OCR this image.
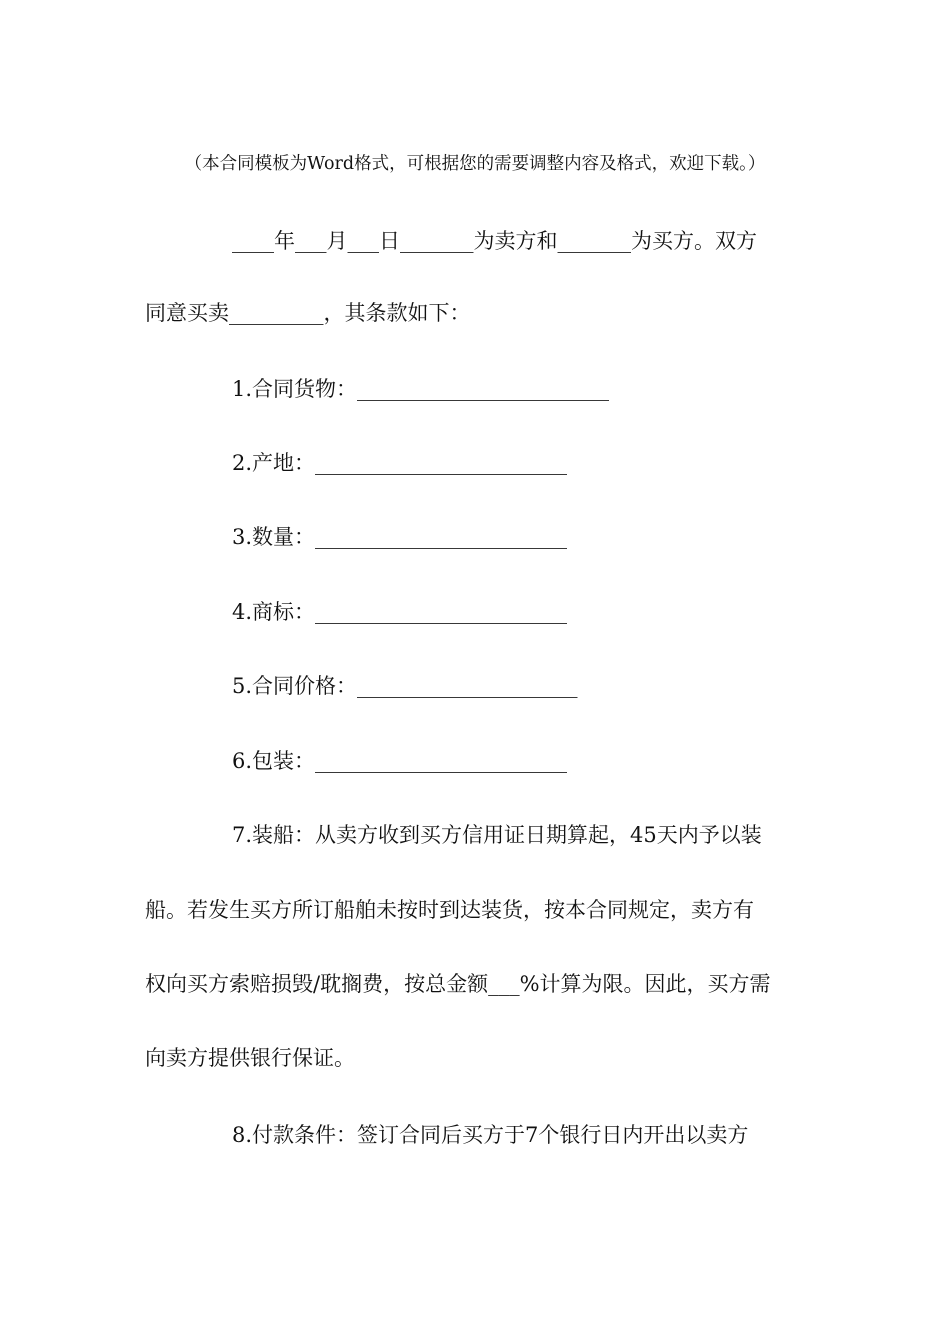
（本合同模板为Word格式，可根据您的需要调整内容及格式，欢迎下载。）
____年___月___日_______为卖方和_______为买方。双方
同意买卖_________，其条款如下：
1.合同货物：________________________
2.产地：________________________
3.数量：________________________
4.商标：________________________
5.合同价格：_____________________
6.包装：________________________
7.装船：从卖方收到买方信用证日期算起，45天内予以装
船。若发生买方所订船舶未按时到达装货，按本合同规定，卖方有
权向买方索赔损毁/耽搁费，按总金额___%计算为限。因此，买方需
向卖方提供银行保证。
8.付款条件：签订合同后买方于7个银行日内开出以卖方
